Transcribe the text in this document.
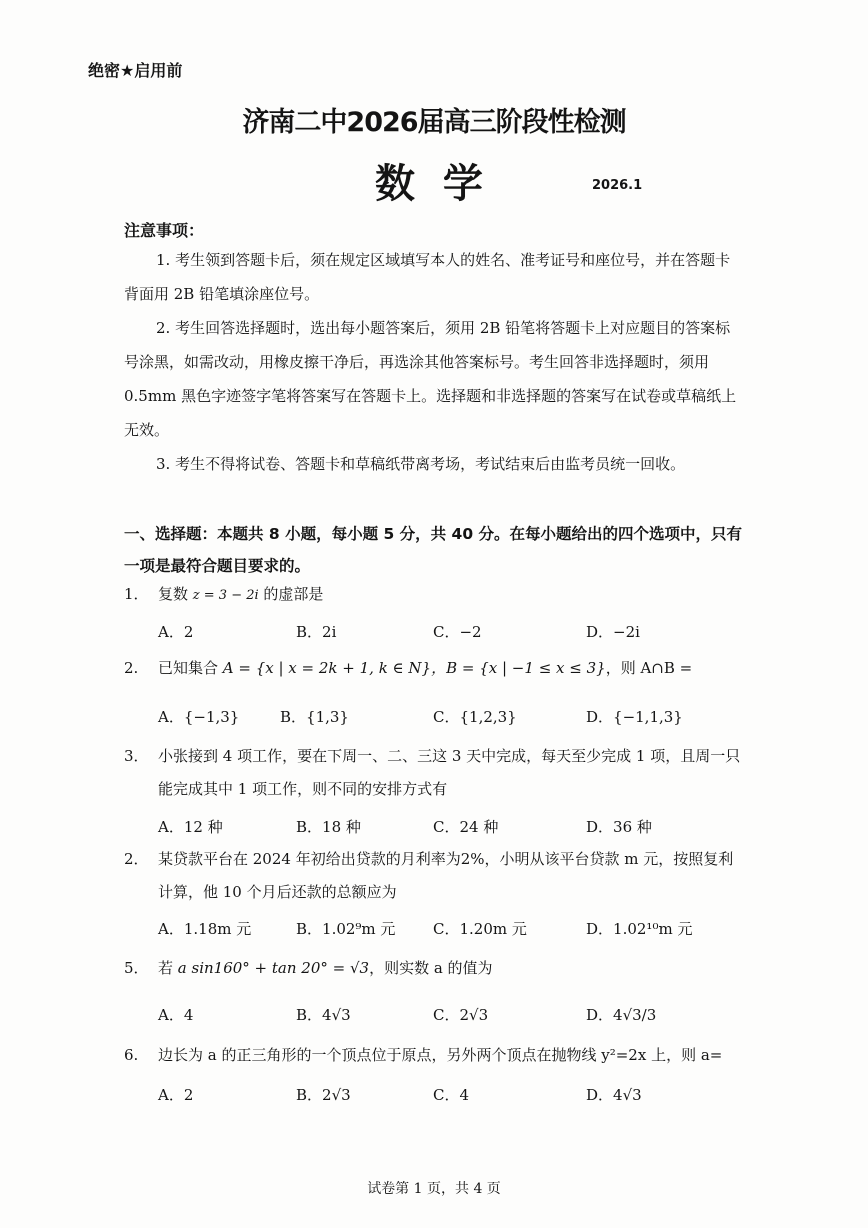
绝密★启用前
济南二中2026届高三阶段性检测
数  学	2026.1
注意事项：

1. 考生领到答题卡后，须在规定区域填写本人的姓名、准考证号和座位号，并在答题卡背面用 2B 铅笔填涂座位号。

2. 考生回答选择题时，选出每小题答案后，须用 2B 铅笔将答题卡上对应题目的答案标号涂黑，如需改动，用橡皮擦干净后，再选涂其他答案标号。考生回答非选择题时，须用 0.5mm 黑色字迹签字笔将答案写在答题卡上。选择题和非选择题的答案写在试卷或草稿纸上无效。

3. 考生不得将试卷、答题卡和草稿纸带离考场，考试结束后由监考员统一回收。

一、选择题：本题共 8 小题，每小题 5 分，共 40 分。在每小题给出的四个选项中，只有一项是最符合题目要求的。

1． 复数 z = 3 − 2i 的虚部是
A．2	B．2i	C．−2	D．−2i
2. 已知集合 A = {x | x = 2k + 1, k ∈ N}，B = {x | −1 ≤ x ≤ 3}，则 A∩B =
A．{−1,3}	B．{1,3}	C．{1,2,3}	D．{−1,1,3}
3． 小张接到 4 项工作，要在下周一、二、三这 3 天中完成，每天至少完成 1 项，且周一只
能完成其中 1 项工作，则不同的安排方式有
A．12 种	B．18 种	C．24 种	D．36 种
2． 某贷款平台在 2024 年初给出贷款的月利率为2%，小明从该平台贷款 m 元，按照复利
计算，他 10 个月后还款的总额应为
A．1.18m 元	B．1.02⁹m 元	C．1.20m 元	D．1.02¹⁰m 元
5． 若 a sin160° + tan 20° = √3，则实数 a 的值为
A．4	B．4√3	C．2√3	D．4√3/3
6. 边长为 a 的正三角形的一个顶点位于原点，另外两个顶点在抛物线 y²=2x 上，则 a=
A．2	B．2√3	C．4	D．4√3
试卷第 1 页，共 4 页
